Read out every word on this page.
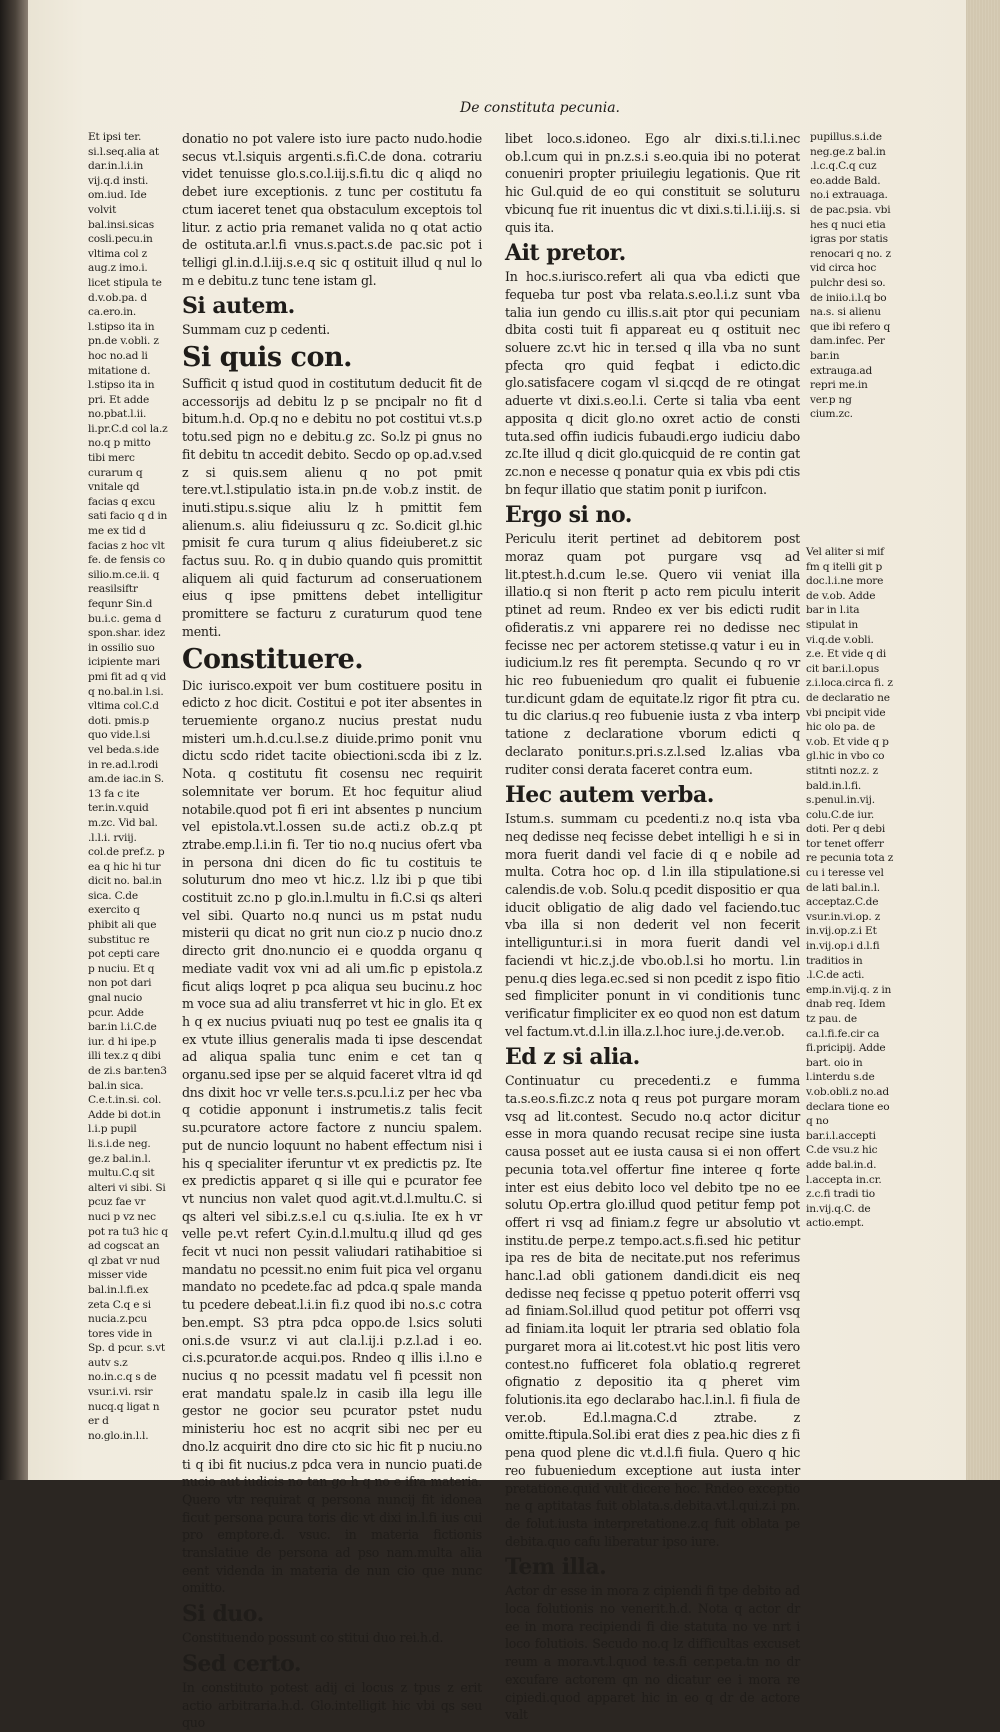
De constituta pecunia.

Et ipsi ter. si.l.seq.alia at dar.in.l.i.in vij.q.d insti. om.iud. Ide volvit bal.insi.sicas cosli.pecu.in vltima col z aug.z imo.i. licet stipula te d.v.ob.pa. d ca.ero.in. l.stipso ita in pn.de v.obli. z hoc no.ad li mitatione d. l.stipso ita in pri. Et adde no.pbat.l.ii. li.pr.C.d col la.z no.q p mitto tibi merc curarum q vnitale qd facias q excu sati facio q d in me ex tid d facias z hoc vlt fe. de fensis co silio.m.ce.ii. q reasilsiftr fequnr Sin.d bu.i.c. gema d spon.shar. idez in ossilio suo icipiente mari pmi fit ad q vid q no.bal.in l.si. vltima col.C.d doti. pmis.p quo vide.l.si vel beda.s.ide in re.ad.l.rodi am.de iac.in S. 13 fa c ite ter.in.v.quid m.zc. Vid bal. .l.l.i. rviij. col.de pref.z. p ea q hic hi tur dicit no. bal.in sica. C.de exercito q phibit ali que substituc re pot cepti care p nuciu. Et q non pot dari gnal nucio pcur. Adde bar.in l.i.C.de iur. d hi ipe.p illi tex.z q dibi de zi.s bar.ten3 bal.in sica. C.e.t.in.si. col. Adde bi dot.in l.i.p pupil li.s.i.de neg. ge.z bal.in.l. multu.C.q sit alteri vi sibi. Si pcuz fae vr nuci p vz nec pot ra tu3 hic q ad cogscat an ql zbat vr nud misser vide bal.in.l.fi.ex zeta C.q e si nucia.z.pcu tores vide in Sp. d pcur. s.vt autv s.z no.in.c.q s de vsur.i.vi. rsir nucq.q ligat n er d no.glo.in.l.l.

donatio no pot valere isto iure pacto nudo.hodie secus vt.l.siquis argenti.s.fi.C.de dona. cotrariu videt tenuisse glo.s.co.l.iij.s.fi.tu dic q aliqd no debet iure exceptionis. z tunc per costitutu fa ctum iaceret tenet qua obstaculum exceptois tol litur. z actio pria remanet valida no q otat actio de ostituta.ar.l.fi vnus.s.pact.s.de pac.sic pot i telligi gl.in.d.l.iij.s.e.q sic q ostituit illud q nul lo m e debitu.z tunc tene istam gl.

Si autem.

Summam cuz p cedenti.

Si quis con.

Sufficit q istud quod in costitutum deducit fit de accessorijs ad debitu lz p se pncipalr no fit d bitum.h.d. Op.q no e debitu no pot costitui vt.s.p totu.sed pign no e debitu.g zc. So.lz pi gnus no fit debitu tn accedit debito. Secdo op op.ad.v.sed z si quis.sem alienu q no pot pmit tere.vt.l.stipulatio ista.in pn.de v.ob.z instit. de inuti.stipu.s.sique aliu lz h pmittit fem alienum.s. aliu fideiussuru q zc. So.dicit gl.hic pmisit fe cura turum q alius fideiuberet.z sic factus suu. Ro. q in dubio quando quis promittit aliquem ali quid facturum ad conseruationem eius q ipse pmittens debet intelligitur promittere se facturu z curaturum quod tene menti.

Constituere.

Dic iurisco.expoit ver bum costituere positu in edicto z hoc dicit. Costitui e pot iter absentes in teruemiente organo.z nucius prestat nudu misteri um.h.d.cu.l.se.z diuide.primo ponit vnu dictu scdo ridet tacite obiectioni.scda ibi z lz. Nota. q costitutu fit cosensu nec requirit solemnitate ver borum. Et hoc fequitur aliud notabile.quod pot fi eri int absentes p nuncium vel epistola.vt.l.ossen su.de acti.z ob.z.q pt ztrabe.emp.l.i.in fi. Ter tio no.q nucius ofert vba in persona dni dicen do fic tu costituis te soluturum dno meo vt hic.z. l.lz ibi p que tibi costituit zc.no p glo.in.l.multu in fi.C.si qs alteri vel sibi. Quarto no.q nunci us m pstat nudu misterii qu dicat no grit nun cio.z p nucio dno.z directo grit dno.nuncio ei e quodda organu q mediate vadit vox vni ad ali um.fic p epistola.z ficut aliqs loqret p pca aliqua seu bucinu.z hoc m voce sua ad aliu transferret vt hic in glo. Et ex h q ex nucius pviuati nuq po test ee gnalis ita q ex vtute illius generalis mada ti ipse descendat ad aliqua spalia tunc enim e cet tan q organu.sed ipse per se alquid faceret vltra id qd dns dixit hoc vr velle ter.s.s.pcu.l.i.z per hec vba q cotidie apponunt i instrumetis.z talis fecit su.pcuratore actore factore z nunciu spalem. put de nuncio loquunt no habent effectum nisi i his q specialiter iferuntur vt ex predictis pz. Ite ex predictis apparet q si ille qui e pcurator fee vt nuncius non valet quod agit.vt.d.l.multu.C. si qs alteri vel sibi.z.s.e.l cu q.s.iulia. Ite ex h vr velle pe.vt refert Cy.in.d.l.multu.q illud qd ges fecit vt nuci non pessit valiudari ratihabitioe si mandatu no pcessit.no enim fuit pica vel organu mandato no pcedete.fac ad pdca.q spale manda tu pcedere debeat.l.i.in fi.z quod ibi no.s.c cotra ben.empt. S3 ptra pdca oppo.de l.sics soluti oni.s.de vsur.z vi aut cla.l.ij.i p.z.l.ad i eo. ci.s.pcurator.de acqui.pos. Rndeo q illis i.l.no e nucius q no pcessit madatu vel fi pcessit non erat mandatu spale.lz in casib illa legu ille gestor ne gocior seu pcurator pstet nudu ministeriu hoc est no acqrit sibi nec per eu dno.lz acquirit dno dire cto sic hic fit p nuciu.no ti q ibi fit nucius.z pdca vera in nuncio puati.de nucio aut iudicis no tan go h q no e ifra materia. Quero vtr requirat q persona nuncij fit idonea ficut persona pcura toris dic vt dixi in.l.fi ius cui pro emptore.d. vsuc. in materia fictionis translatiue de persona ad pso nam.multa alia eent videnda in materia de nun cio que nunc omitto.

Si duo.

Constituendo possunt co stitui duo rei.h.d.

Sed certo.

In constituto potest adij ci locus z tpus z erit actio arbitraria.h.d. Glo.intelligit hic vbi qs seu quo

libet loco.s.idoneo. Ego alr dixi.s.ti.l.i.nec ob.l.cum qui in pn.z.s.i s.eo.quia ibi no poterat conueniri propter priuilegiu legationis. Que rit hic Gul.quid de eo qui constituit se soluturu vbicunq fue rit inuentus dic vt dixi.s.ti.l.i.iij.s. si quis ita.

Ait pretor.

In hoc.s.iurisco.refert ali qua vba edicti que fequeba tur post vba relata.s.eo.l.i.z sunt vba talia iun gendo cu illis.s.ait ptor qui pecuniam dbita costi tuit fi appareat eu q ostituit nec soluere zc.vt hic in ter.sed q illa vba no sunt pfecta qro quid feqbat i edicto.dic glo.satisfacere cogam vl si.qcqd de re otingat aduerte vt dixi.s.eo.l.i. Certe si talia vba eent apposita q dicit glo.no oxret actio de consti tuta.sed offin iudicis fubaudi.ergo iudiciu dabo zc.Ite illud q dicit glo.quicquid de re contin gat zc.non e necesse q ponatur quia ex vbis pdi ctis bn fequr illatio que statim ponit p iurifcon.

Ergo si no.

Periculu iterit pertinet ad debitorem post moraz quam pot purgare vsq ad lit.ptest.h.d.cum le.se. Quero vii veniat illa illatio.q si non fterit p acto rem piculu interit ptinet ad reum. Rndeo ex ver bis edicti rudit ofideratis.z vni apparere rei no dedisse nec fecisse nec per actorem stetisse.q vatur i eu in iudicium.lz res fit perempta. Secundo q ro vr hic reo fubueniedum qro qualit ei fubuenie tur.dicunt gdam de equitate.lz rigor fit ptra cu. tu dic clarius.q reo fubuenie iusta z vba interp tatione z declaratione vborum edicti q declarato ponitur.s.pri.s.z.l.sed lz.alias vba ruditer consi derata faceret contra eum.

Hec autem verba.

Istum.s. summam cu pcedenti.z no.q ista vba neq dedisse neq fecisse debet intelligi h e si in mora fuerit dandi vel facie di q e nobile ad multa. Cotra hoc op. d l.in illa stipulatione.si calendis.de v.ob. Solu.q pcedit dispositio er qua iducit obligatio de alig dado vel faciendo.tuc vba illa si non dederit vel non fecerit intelliguntur.i.si in mora fuerit dandi vel faciendi vt hic.z.j.de vbo.ob.l.si ho mortu. l.in penu.q dies lega.ec.sed si non pcedit z ispo fitio sed fimpliciter ponunt in vi conditionis tunc verificatur fimpliciter ex eo quod non est datum vel factum.vt.d.l.in illa.z.l.hoc iure.j.de.ver.ob.

Ed z si alia.

Continuatur cu precedenti.z e fumma ta.s.eo.s.fi.zc.z nota q reus pot purgare moram vsq ad lit.contest. Secudo no.q actor dicitur esse in mora quando recusat recipe sine iusta causa posset aut ee iusta causa si ei non offert pecunia tota.vel offertur fine interee q forte inter est eius debito loco vel debito tpe no ee solutu Op.ertra glo.illud quod petitur femp pot offert ri vsq ad finiam.z fegre ur absolutio vt institu.de perpe.z tempo.act.s.fi.sed hic petitur ipa res de bita de necitate.put nos referimus hanc.l.ad obli gationem dandi.dicit eis neq dedisse neq fecisse q ppetuo poterit offerri vsq ad finiam.Sol.illud quod petitur pot offerri vsq ad finiam.ita loquit ler ptraria sed oblatio fola purgaret mora ai lit.cotest.vt hic post litis vero contest.no fufficeret fola oblatio.q regreret ofignatio z depositio ita q pheret vim folutionis.ita ego declarabo hac.l.in.l. fi fiula de ver.ob. Ed.l.magna.C.d ztrabe. z omitte.ftipula.Sol.ibi erat dies z pea.hic dies z fi pena quod plene dic vt.d.l.fi fiula. Quero q hic reo fubueniedum exceptione aut iusta inter pretatione.quid vult dicere hoc. Rndeo exceptio ne q aptitatas fuit oblata.s.debita.vt.l.qui.z.i pn. de folut.iusta interpretatione.z.q fuit oblata pe debita.quo cafu liberatur ipso iure.

Tem illa.

Actor dr esse in mora z cipiendi fi tpe debito ad loca folutionis no venerit.h.d. Nota q actor dr ee in mora recipiendi fi die statuta no ve nrt i loco folutiois. Secudo no.q lz difficultas excuset reum a mora.vt.l.quod te.s.fi cer.peta.tn no dr excufare actorem qn no dicatur ee i mora re cipiedi.quod apparet hic in eo q dr de actore valt

pupillus.s.i.de neg.ge.z bal.in .l.c.q.C.q cuz eo.adde Bald. no.i extrauaga. de pac.psia. vbi hes q nuci etia igras por statis renocari q no. z vid circa hoc pulchr desi so. de iniio.i.l.q bo na.s. si alienu que ibi refero q dam.infec. Per bar.in extrauga.ad repri me.in ver.p ng cium.zc.

Vel aliter si mif fm q itelli git p doc.l.i.ne more de v.ob. Adde bar in l.ita stipulat in vi.q.de v.obli. z.e. Et vide q di cit bar.i.l.opus z.i.loca.circa fi. z de declaratio ne vbi pncipit vide hic olo pa. de v.ob. Et vide q p gl.hic in vbo co stitnti noz.z. z bald.in.l.fi. s.penul.in.vij. colu.C.de iur. doti. Per q debi tor tenet offerr re pecunia tota z cu i teresse vel de lati bal.in.l. acceptaz.C.de vsur.in.vi.op. z in.vij.op.z.i Et in.vij.op.i d.l.fi traditios in .l.C.de acti. emp.in.vij.q. z in dnab req. Idem tz pau. de ca.l.fi.fe.cir ca fi.pricipij. Adde bart. oio in l.interdu s.de v.ob.obli.z no.ad declara tione eo q no bar.i.l.accepti C.de vsu.z hic adde bal.in.d. l.accepta in.cr. z.c.fi tradi tio in.vij.q.C. de actio.empt.
